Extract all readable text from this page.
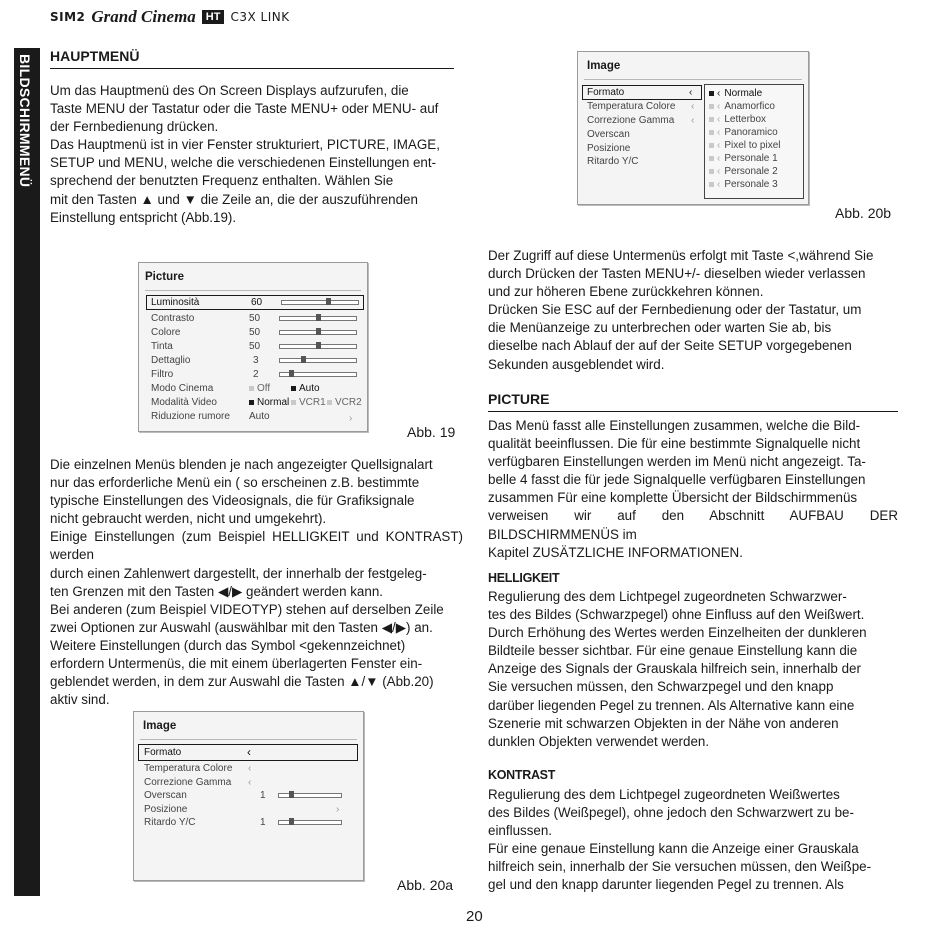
SIM2 Grand Cinema HT C3X LINK
BILDSCHIRMMENÜ HAUPTMENÜ
Um das Hauptmenü des On Screen Displays aufzurufen, die
Taste MENU der Tastatur oder die Taste MENU+ oder MENU- auf
der Fernbedienung drücken.
Das Hauptmenü ist in vier Fenster strukturiert, PICTURE, IMAGE,
SETUP und MENU, welche die verschiedenen Einstellungen ent-
sprechend der benutzten Frequenz enthalten. Wählen Sie
mit den Tasten ▲ und ▼ die Zeile an, die der auszuführenden
Einstellung entspricht (Abb.19).
Picture
Luminosità	60
Contrasto	50
Colore	50
Tinta	50
Dettaglio	3
Filtro	2
Modo Cinema	Off	Auto
Modalità Video	Normal VCR1 VCR2
Riduzione rumore Auto	›
Abb. 19
Die einzelnen Menüs blenden je nach angezeigter Quellsignalart
nur das erforderliche Menü ein ( so erscheinen z.B. bestimmte
typische Einstellungen des Videosignals, die für Grafiksignale
nicht gebraucht werden, nicht und umgekehrt).
Einige Einstellungen (zum Beispiel HELLIGKEIT und KONTRAST) werden
durch einen Zahlenwert dargestellt, der innerhalb der festgeleg-
ten Grenzen mit den Tasten ◀/▶ geändert werden kann.
Bei anderen (zum Beispiel VIDEOTYP) stehen auf derselben Zeile
zwei Optionen zur Auswahl (auswählbar mit den Tasten ◀/▶) an.
Weitere Einstellungen (durch das Symbol <gekennzeichnet)
erfordern Untermenüs, die mit einem überlagerten Fenster ein-
geblendet werden, in dem zur Auswahl die Tasten ▲/▼ (Abb.20)
aktiv sind.
Image
Formato	‹
Temperatura Colore ‹
Correzione Gamma ‹
Overscan	1
Posizione	›
Ritardo Y/C	1
Abb. 20a
Image
Formato	‹
Temperatura Colore ‹
Correzione Gamma ‹
Overscan
Posizione
Ritardo Y/C
‹ Normale
‹ Anamorfico
‹ Letterbox
‹ Panoramico
‹ Pixel to pixel
‹ Personale 1
‹ Personale 2
‹ Personale 3
Abb. 20b
Der Zugriff auf diese Untermenüs erfolgt mit Taste <,während Sie
durch Drücken der Tasten MENU+/- dieselben wieder verlassen
und zur höheren Ebene zurückkehren können.
Drücken Sie ESC auf der Fernbedienung oder der Tastatur, um
die Menüanzeige zu unterbrechen oder warten Sie ab, bis
dieselbe nach Ablauf der auf der Seite SETUP vorgegebenen
Sekunden ausgeblendet wird.
PICTURE
Das Menü fasst alle Einstellungen zusammen, welche die Bild-
qualität beeinflussen. Die für eine bestimmte Signalquelle nicht
verfügbaren Einstellungen werden im Menü nicht angezeigt. Ta-
belle 4 fasst die für jede Signalquelle verfügbaren Einstellungen
zusammen Für eine komplette Übersicht der Bildschirmmenüs
verweisen wir auf den Abschnitt AUFBAU DER BILDSCHIRMMENÜS im
Kapitel ZUSÄTZLICHE INFORMATIONEN.
HELLIGKEIT
Regulierung des dem Lichtpegel zugeordneten Schwarzwer-
tes des Bildes (Schwarzpegel) ohne Einfluss auf den Weißwert.
Durch Erhöhung des Wertes werden Einzelheiten der dunkleren
Bildteile besser sichtbar. Für eine genaue Einstellung kann die
Anzeige des Signals der Grauskala hilfreich sein, innerhalb der
Sie versuchen müssen, den Schwarzpegel und den knapp
darüber liegenden Pegel zu trennen. Als Alternative kann eine
Szenerie mit schwarzen Objekten in der Nähe von anderen
dunklen Objekten verwendet werden.
KONTRAST
Regulierung des dem Lichtpegel zugeordneten Weißwertes
des Bildes (Weißpegel), ohne jedoch den Schwarzwert zu be-
einflussen.
Für eine genaue Einstellung kann die Anzeige einer Grauskala
hilfreich sein, innerhalb der Sie versuchen müssen, den Weißpe-
gel und den knapp darunter liegenden Pegel zu trennen. Als
20
